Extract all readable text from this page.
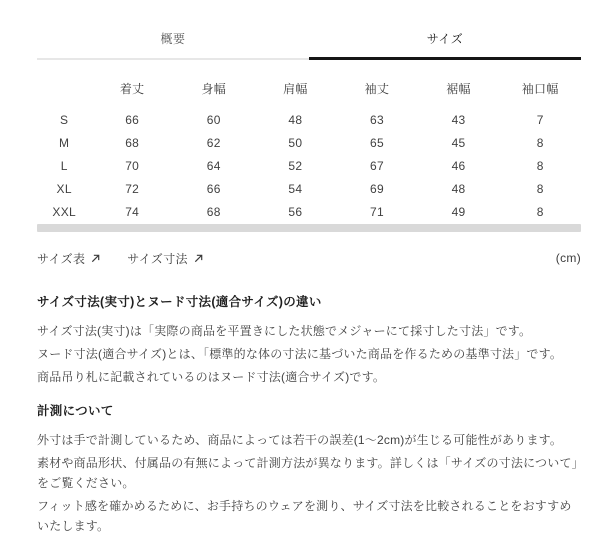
概要	サイズ
	着丈	身幅	肩幅	袖丈	裾幅	袖口幅
S	66	60	48	63	43	7
M	68	62	50	65	45	8
L	70	64	52	67	46	8
XL	72	66	54	69	48	8
XXL	74	68	56	71	49	8
サイズ表	サイズ寸法	(cm)
サイズ寸法(実寸)とヌード寸法(適合サイズ)の違い

サイズ寸法(実寸)は「実際の商品を平置きにした状態でメジャーにて採寸した寸法」です。

ヌード寸法(適合サイズ)とは、「標準的な体の寸法に基づいた商品を作るための基準寸法」です。

商品吊り札に記載されているのはヌード寸法(適合サイズ)です。

計測について

外寸は手で計測しているため、商品によっては若干の誤差(1～2cm)が生じる可能性があります。

素材や商品形状、付属品の有無によって計測方法が異なります。詳しくは「サイズの寸法について」をご覧ください。

フィット感を確かめるために、お手持ちのウェアを測り、サイズ寸法を比較されることをおすすめいたします。
